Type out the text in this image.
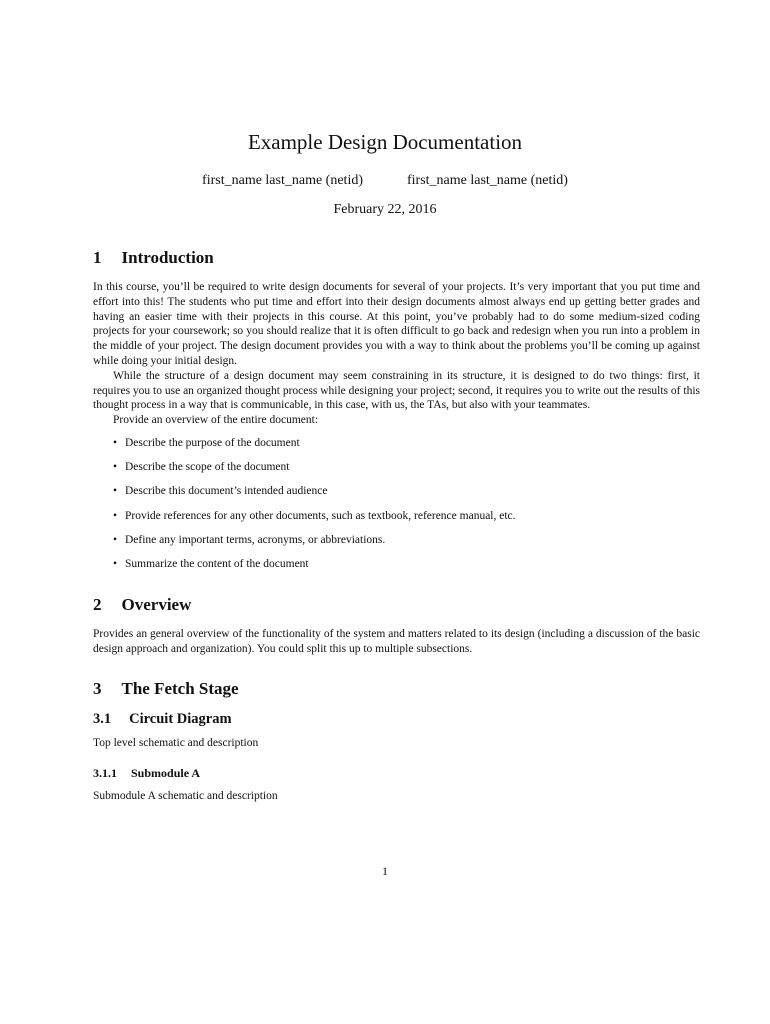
Example Design Documentation
first_name last_name (netid)	first_name last_name (netid)
February 22, 2016
1 Introduction

In this course, you’ll be required to write design documents for several of your projects. It’s very important that you put time and effort into this! The students who put time and effort into their design documents almost always end up getting better grades and having an easier time with their projects in this course. At this point, you’ve probably had to do some medium-sized coding projects for your coursework; so you should realize that it is often difficult to go back and redesign when you run into a problem in the middle of your project. The design document provides you with a way to think about the problems you’ll be coming up against while doing your initial design.

While the structure of a design document may seem constraining in its structure, it is designed to do two things: first, it requires you to use an organized thought process while designing your project; second, it requires you to write out the results of this thought process in a way that is communicable, in this case, with us, the TAs, but also with your teammates.

Provide an overview of the entire document:

• Describe the purpose of the document
• Describe the scope of the document
• Describe this document’s intended audience
• Provide references for any other documents, such as textbook, reference manual, etc.
• Define any important terms, acronyms, or abbreviations.
• Summarize the content of the document
2 Overview

Provides an general overview of the functionality of the system and matters related to its design (including a discussion of the basic design approach and organization). You could split this up to multiple subsections.

3 The Fetch Stage
3.1 Circuit Diagram

Top level schematic and description

3.1.1 Submodule A

Submodule A schematic and description

1
